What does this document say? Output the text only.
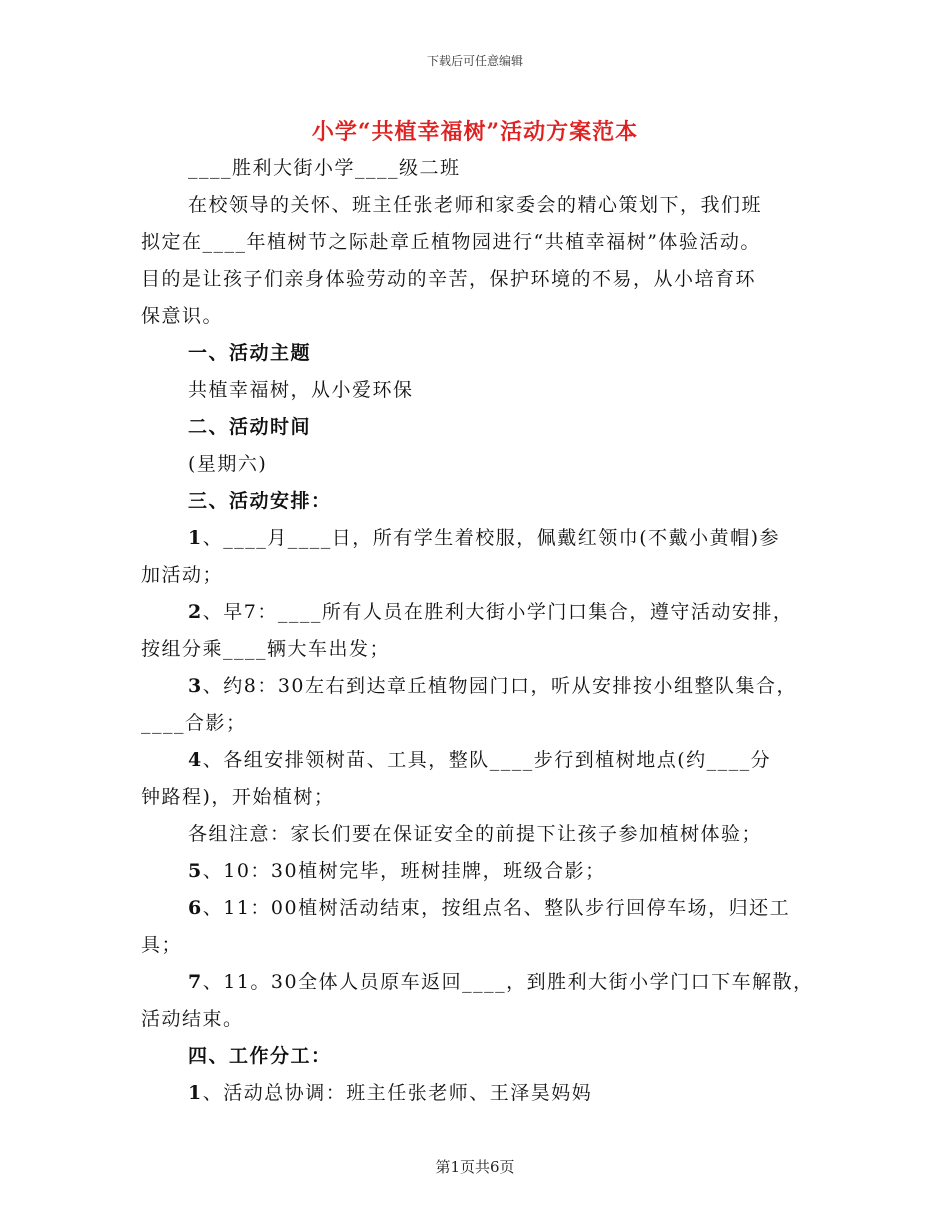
下载后可任意编辑
小学“共植幸福树”活动方案范本
____胜利大街小学____级二班
在校领导的关怀、班主任张老师和家委会的精心策划下，我们班
拟定在____年植树节之际赴章丘植物园进行“共植幸福树”体验活动。
目的是让孩子们亲身体验劳动的辛苦，保护环境的不易，从小培育环
保意识。
一、活动主题
共植幸福树，从小爱环保
二、活动时间
(星期六)
三、活动安排：
1、____月____日，所有学生着校服，佩戴红领巾(不戴小黄帽)参
加活动；
2、早7：____所有人员在胜利大街小学门口集合，遵守活动安排，
按组分乘____辆大车出发；
3、约8：30左右到达章丘植物园门口，听从安排按小组整队集合，
____合影；
4、各组安排领树苗、工具，整队____步行到植树地点(约____分
钟路程)，开始植树；
各组注意：家长们要在保证安全的前提下让孩子参加植树体验；
5、10：30植树完毕，班树挂牌，班级合影；
6、11：00植树活动结束，按组点名、整队步行回停车场，归还工
具；
7、11。30全体人员原车返回____，到胜利大街小学门口下车解散，
活动结束。
四、工作分工：
1、活动总协调：班主任张老师、王泽昊妈妈
第1页共6页
